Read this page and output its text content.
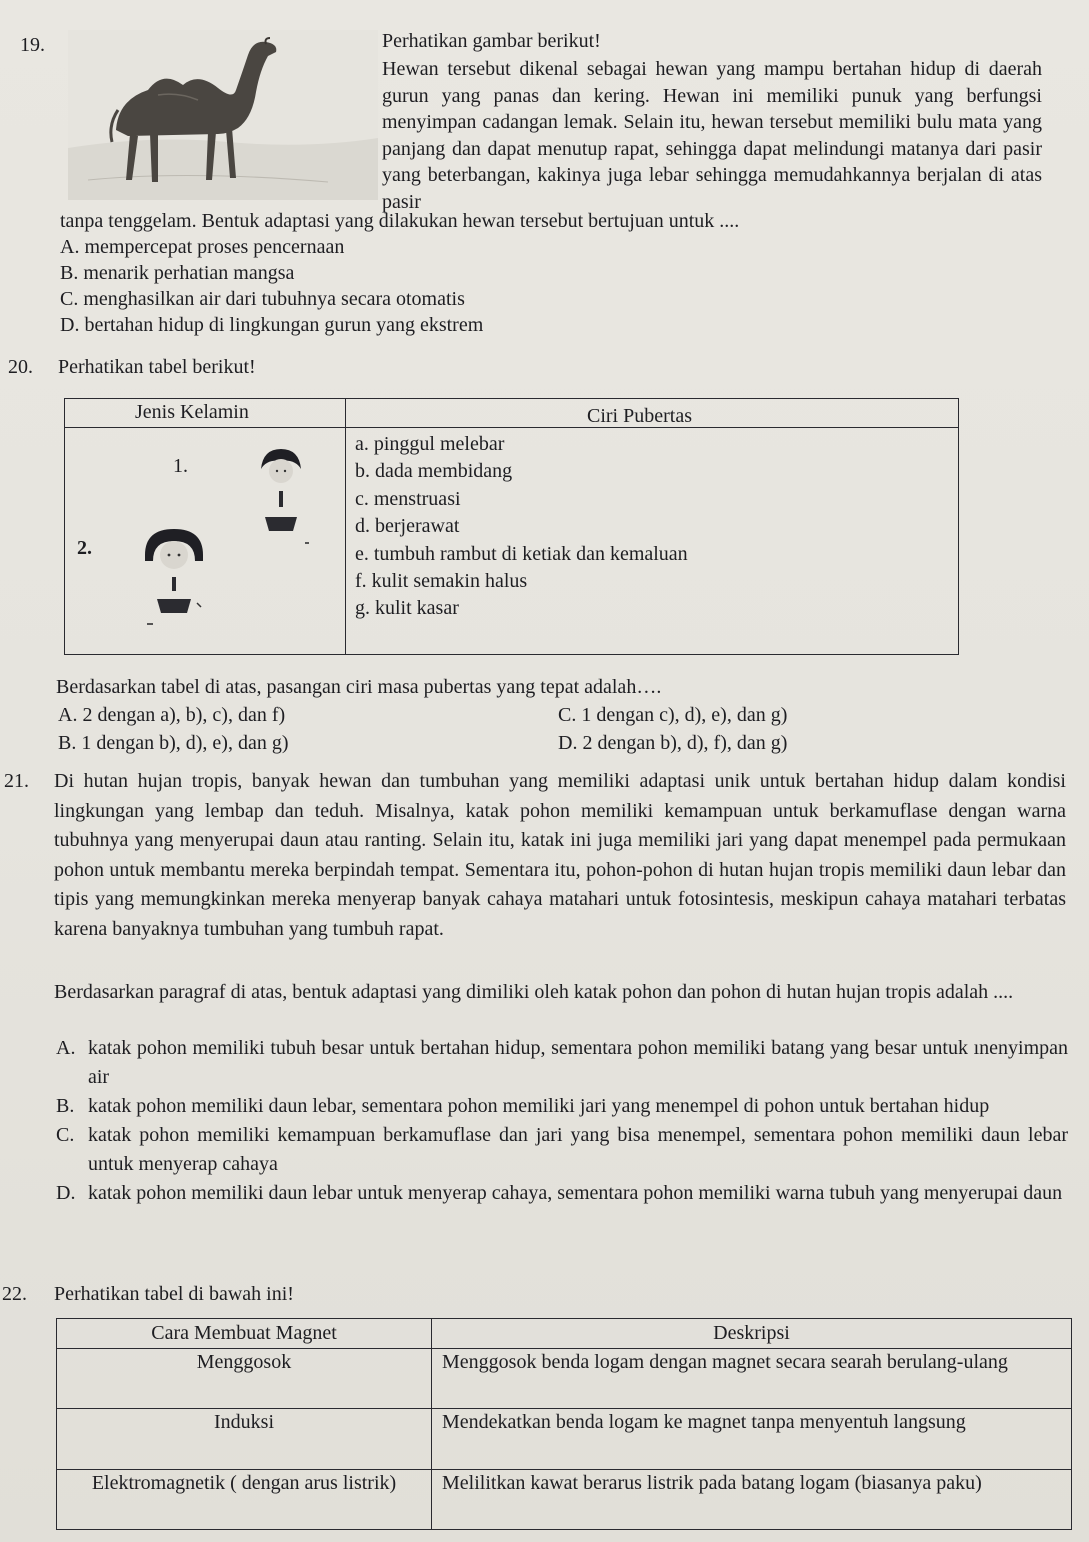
19.	Perhatikan gambar berikut!
Hewan tersebut dikenal sebagai hewan yang mampu bertahan hidup di daerah gurun yang panas dan kering. Hewan ini memiliki punuk yang berfungsi menyimpan cadangan lemak. Selain itu, hewan tersebut memiliki bulu mata yang panjang dan dapat menutup rapat, sehingga dapat melindungi matanya dari pasir yang beterbangan, kakinya juga lebar sehingga memudahkannya berjalan di atas pasir
tanpa tenggelam. Bentuk adaptasi yang dilakukan hewan tersebut bertujuan untuk ....
A. mempercepat proses pencernaan
B. menarik perhatian mangsa
C. menghasilkan air dari tubuhnya secara otomatis
D. bertahan hidup di lingkungan gurun yang ekstrem
20. Perhatikan tabel berikut!
Jenis Kelamin	Ciri Pubertas
1.
2.
a. pinggul melebar
b. dada membidang
c. menstruasi
d. berjerawat
e. tumbuh rambut di ketiak dan kemaluan
f. kulit semakin halus
g. kulit kasar
Berdasarkan tabel di atas, pasangan ciri masa pubertas yang tepat adalah….
A. 2 dengan a), b), c), dan f)	C. 1 dengan c), d), e), dan g)
B. 1 dengan b), d), e), dan g)	D. 2 dengan b), d), f), dan g)
21. Di hutan hujan tropis, banyak hewan dan tumbuhan yang memiliki adaptasi unik untuk bertahan hidup dalam kondisi lingkungan yang lembap dan teduh. Misalnya, katak pohon memiliki kemampuan untuk berkamuflase dengan warna tubuhnya yang menyerupai daun atau ranting. Selain itu, katak ini juga memiliki jari yang dapat menempel pada permukaan pohon untuk membantu mereka berpindah tempat. Sementara itu, pohon-pohon di hutan hujan tropis memiliki daun lebar dan tipis yang memungkinkan mereka menyerap banyak cahaya matahari untuk fotosintesis, meskipun cahaya matahari terbatas karena banyaknya tumbuhan yang tumbuh rapat.
Berdasarkan paragraf di atas, bentuk adaptasi yang dimiliki oleh katak pohon dan pohon di hutan hujan tropis adalah ....
A. katak pohon memiliki tubuh besar untuk bertahan hidup, sementara pohon memiliki batang yang besar untuk ınenyimpan air
B. katak pohon memiliki daun lebar, sementara pohon memiliki jari yang menempel di pohon untuk bertahan hidup
C. katak pohon memiliki kemampuan berkamuflase dan jari yang bisa menempel, sementara pohon memiliki daun lebar untuk menyerap cahaya
D. katak pohon memiliki daun lebar untuk menyerap cahaya, sementara pohon memiliki warna tubuh yang menyerupai daun
22. Perhatikan tabel di bawah ini!
Cara Membuat Magnet	Deskripsi
Menggosok	Menggosok benda logam dengan magnet secara searah berulang-ulang
Induksi	Mendekatkan benda logam ke magnet tanpa menyentuh langsung
Elektromagnetik ( dengan arus listrik)	Melilitkan kawat berarus listrik pada batang logam (biasanya paku)
